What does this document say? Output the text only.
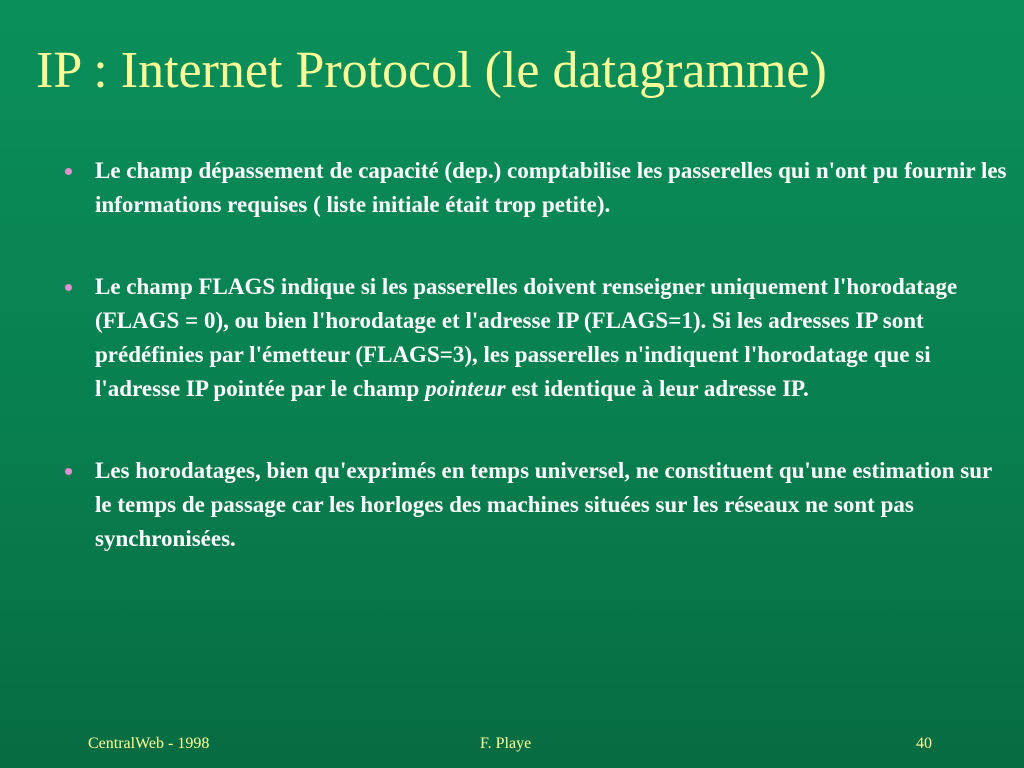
IP : Internet Protocol (le datagramme)
Le champ dépassement de capacité (dep.) comptabilise les passerelles qui n'ont pu fournir les informations requises ( liste initiale était trop petite).
Le champ FLAGS indique si les passerelles doivent renseigner uniquement l'horodatage (FLAGS = 0), ou bien l'horodatage et l'adresse IP (FLAGS=1). Si les adresses IP sont prédéfinies par l'émetteur (FLAGS=3), les passerelles n'indiquent l'horodatage que si l'adresse IP pointée par le champ pointeur est identique à leur adresse IP.
Les horodatages, bien qu'exprimés en temps universel, ne constituent qu'une estimation sur le temps de passage car les horloges des machines situées sur les réseaux ne sont pas synchronisées.
CentralWeb - 1998	F. Playe	40
